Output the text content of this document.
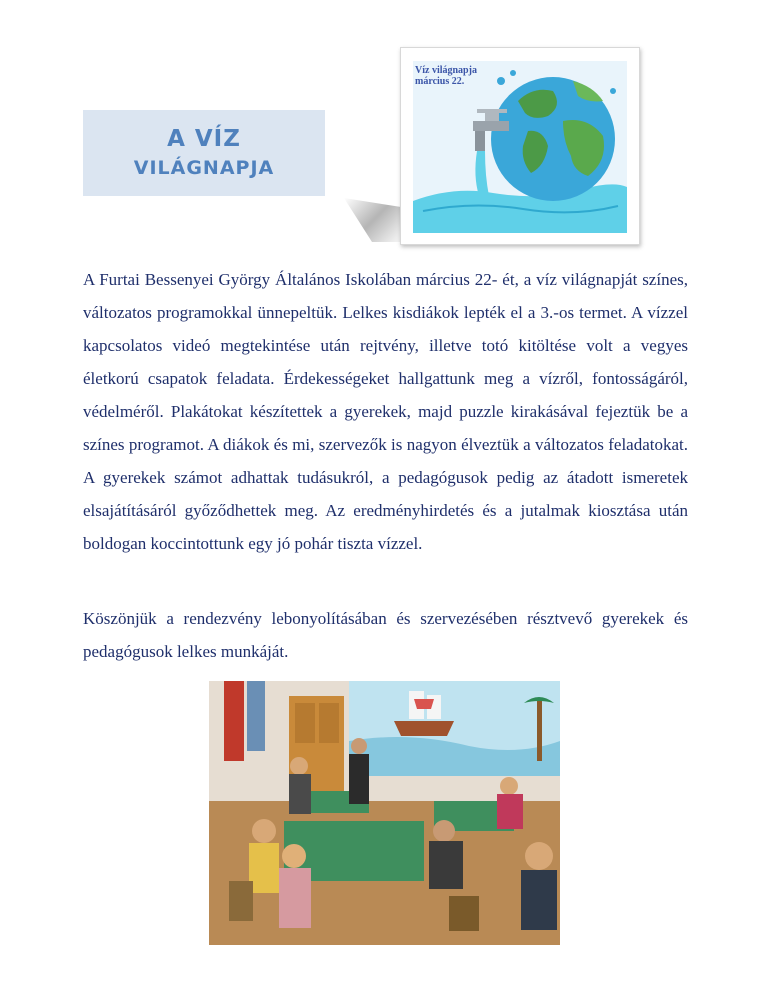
A VÍZ
VILÁGNAPJA
Víz világnapja
március 22.

A Furtai Bessenyei György Általános Iskolában március 22- ét, a víz világnapját színes, változatos programokkal ünnepeltük. Lelkes kisdiákok lepték el a 3.-os termet. A vízzel kapcsolatos videó megtekintése után rejtvény, illetve totó kitöltése volt a vegyes életkorú csapatok feladata. Érdekességeket hallgattunk meg a vízről, fontosságáról, védelméről. Plakátokat készítettek a gyerekek, majd puzzle kirakásával fejeztük be a színes programot. A diákok és mi, szervezők is nagyon élveztük a változatos feladatokat. A gyerekek számot adhattak tudásukról, a pedagógusok pedig az átadott ismeretek elsajátításáról győződhettek meg. Az eredményhirdetés és a jutalmak kiosztása után boldogan koccintottunk egy jó pohár tiszta vízzel.

Köszönjük a rendezvény lebonyolításában és szervezésében résztvevő gyerekek és pedagógusok lelkes munkáját.
